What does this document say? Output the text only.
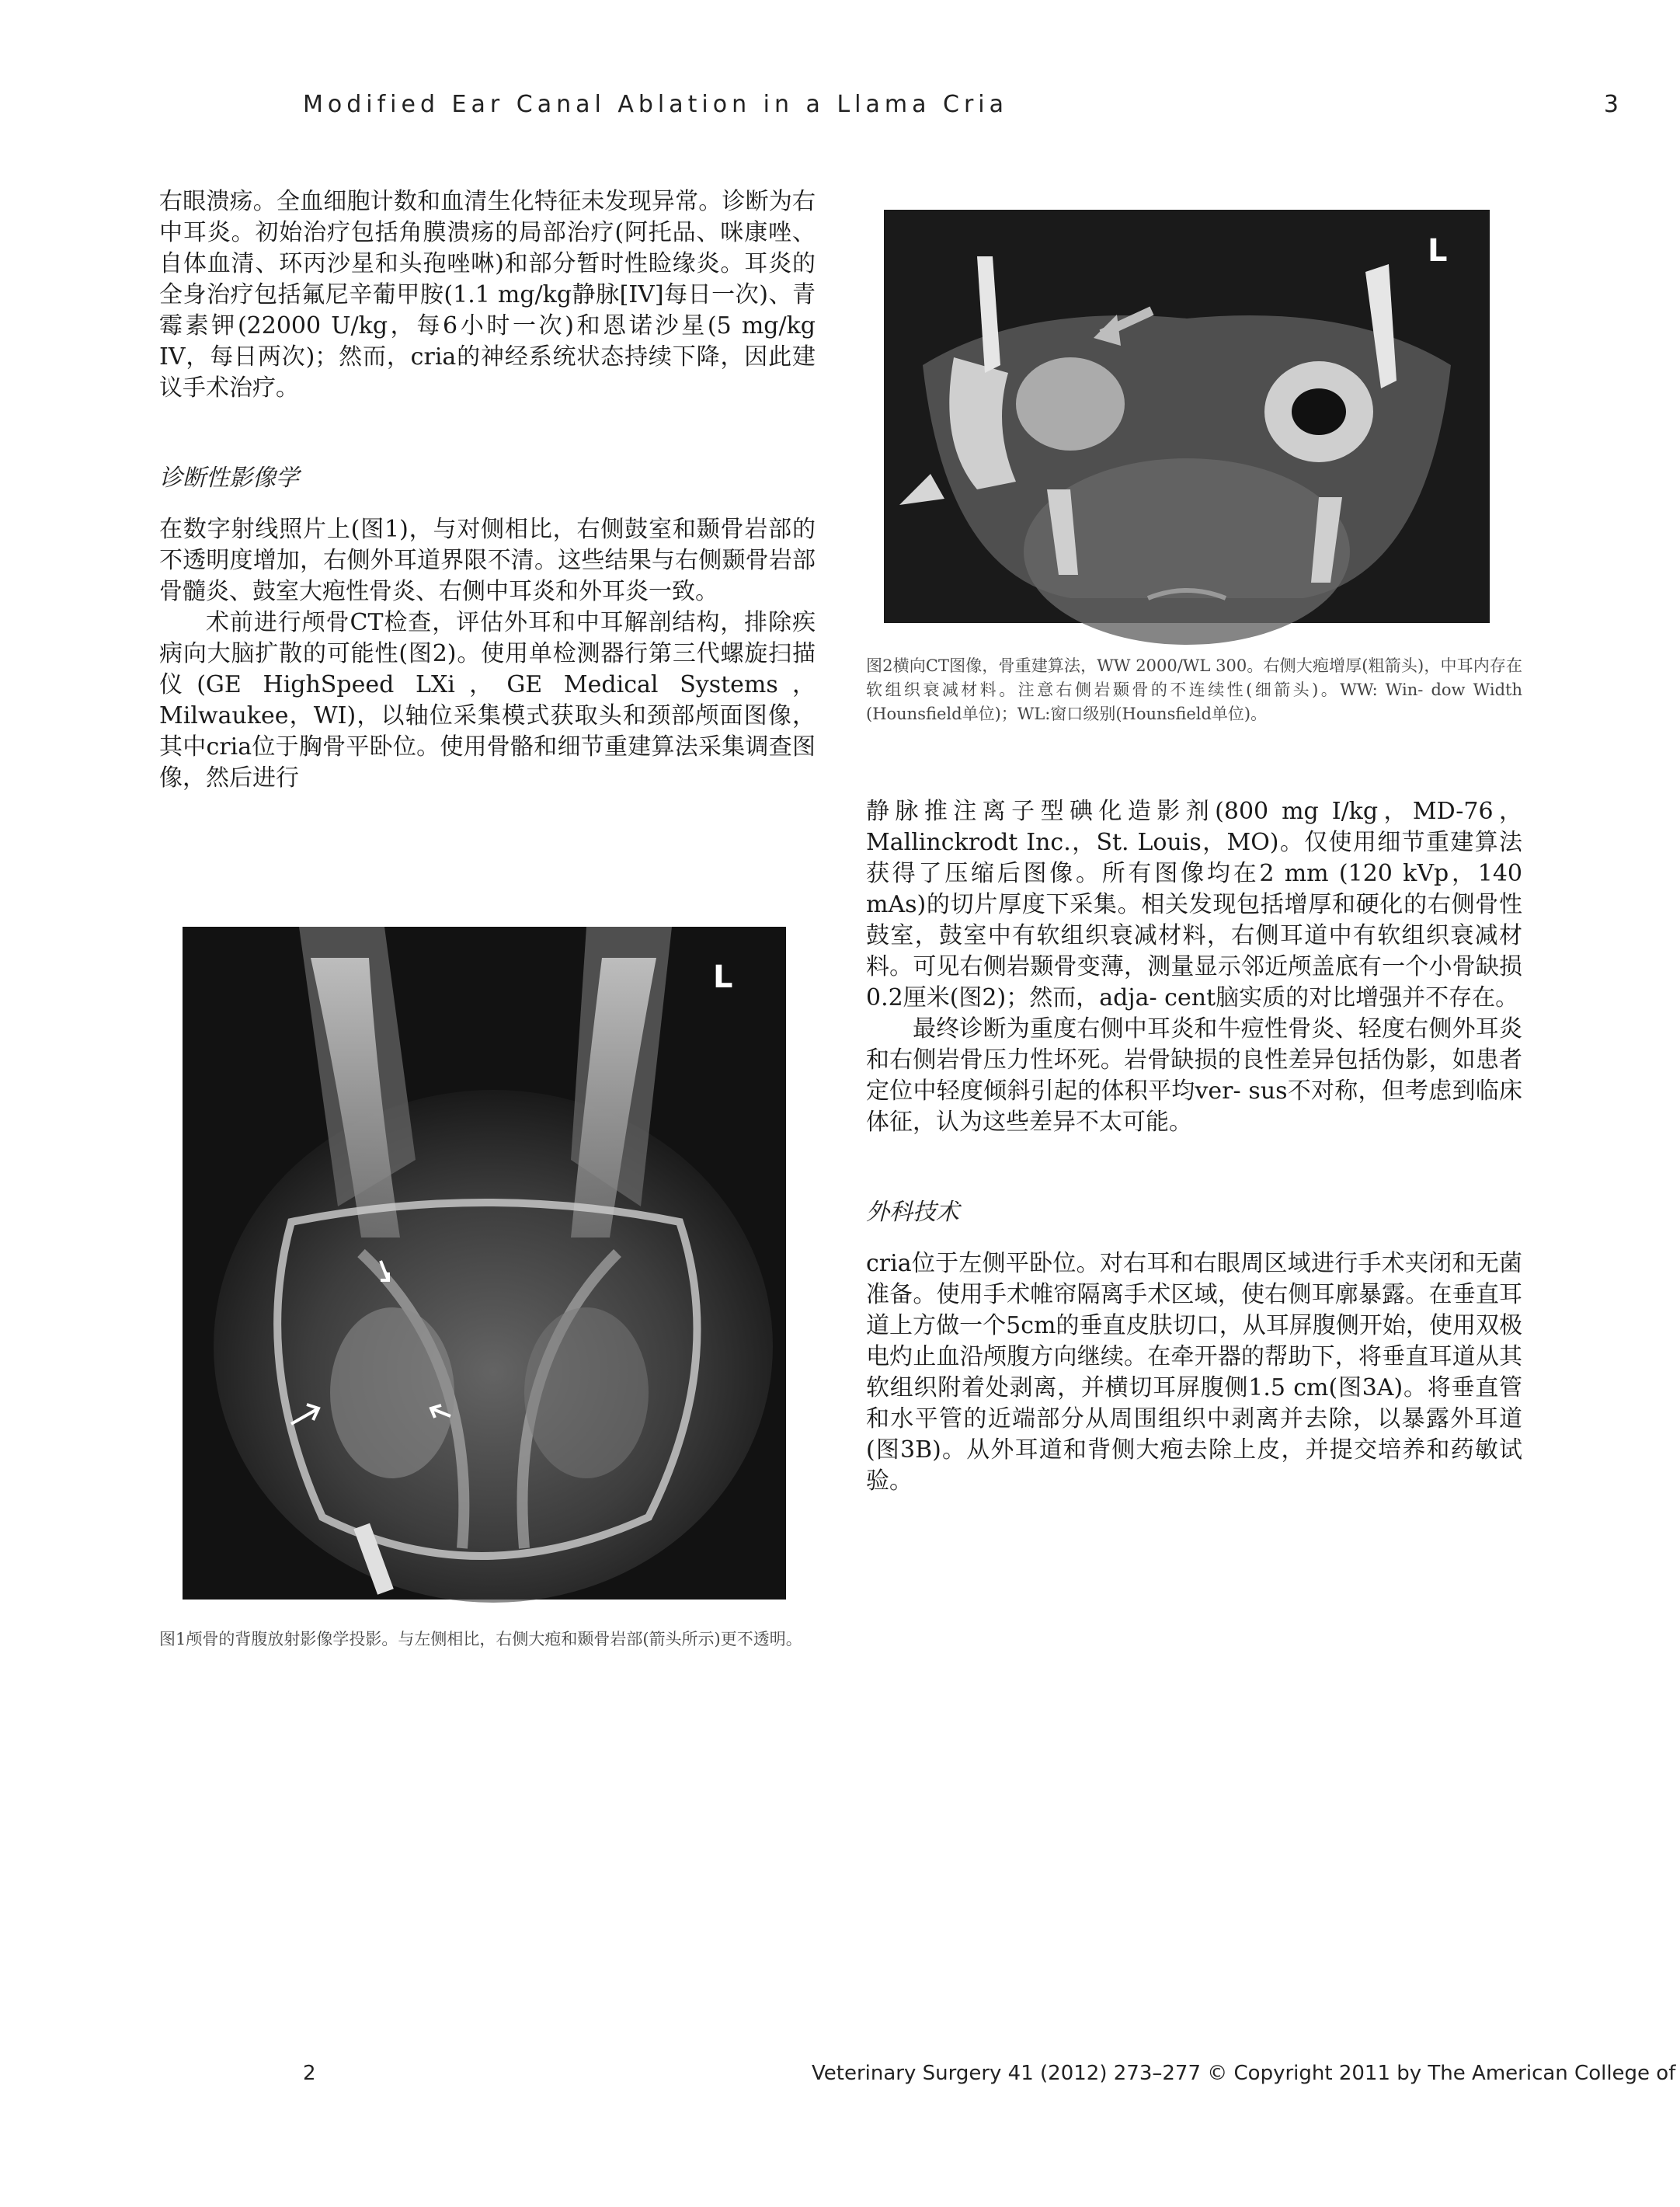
Modified Ear Canal Ablation in a Llama Cria	3

右眼溃疡。全血细胞计数和血清生化特征未发现异常。诊断为右中耳炎。初始治疗包括角膜溃疡的局部治疗(阿托品、咪康唑、自体血清、环丙沙星和头孢唑啉)和部分暂时性睑缘炎。耳炎的全身治疗包括氟尼辛葡甲胺(1.1 mg/kg静脉[IV]每日一次)、青霉素钾(22000 U/kg，每6小时一次)和恩诺沙星(5 mg/kg IV，每日两次)；然而，cria的神经系统状态持续下降，因此建议手术治疗。

诊断性影像学

在数字射线照片上(图1)，与对侧相比，右侧鼓室和颞骨岩部的不透明度增加，右侧外耳道界限不清。这些结果与右侧颞骨岩部骨髓炎、鼓室大疱性骨炎、右侧中耳炎和外耳炎一致。

术前进行颅骨CT检查，评估外耳和中耳解剖结构，排除疾病向大脑扩散的可能性(图2)。使用单检测器行第三代螺旋扫描仪(GE HighSpeed LXi，GE Medical Systems，Milwaukee，WI)，以轴位采集模式获取头和颈部颅面图像，其中cria位于胸骨平卧位。使用骨骼和细节重建算法采集调查图像，然后进行

L

图1颅骨的背腹放射影像学投影。与左侧相比，右侧大疱和颞骨岩部(箭头所示)更不透明。

L

图2横向CT图像，骨重建算法，WW 2000/WL 300。右侧大疱增厚(粗箭头)，中耳内存在软组织衰减材料。注意右侧岩颞骨的不连续性(细箭头)。WW: Win- dow Width (Hounsfield单位)；WL:窗口级别(Hounsfield单位)。

静脉推注离子型碘化造影剂(800 mg I/kg，MD-76，Mallinckrodt Inc.，St. Louis，MO)。仅使用细节重建算法获得了压缩后图像。所有图像均在2 mm (120 kVp，140 mAs)的切片厚度下采集。相关发现包括增厚和硬化的右侧骨性鼓室，鼓室中有软组织衰减材料，右侧耳道中有软组织衰减材料。可见右侧岩颞骨变薄，测量显示邻近颅盖底有一个小骨缺损0.2厘米(图2)；然而，adja- cent脑实质的对比增强并不存在。

最终诊断为重度右侧中耳炎和牛痘性骨炎、轻度右侧外耳炎和右侧岩骨压力性坏死。岩骨缺损的良性差异包括伪影，如患者定位中轻度倾斜引起的体积平均ver- sus不对称，但考虑到临床体征，认为这些差异不太可能。

外科技术

cria位于左侧平卧位。对右耳和右眼周区域进行手术夹闭和无菌准备。使用手术帷帘隔离手术区域，使右侧耳廓暴露。在垂直耳道上方做一个5cm的垂直皮肤切口，从耳屏腹侧开始，使用双极电灼止血沿颅腹方向继续。在牵开器的帮助下，将垂直耳道从其软组织附着处剥离，并横切耳屏腹侧1.5 cm(图3A)。将垂直管和水平管的近端部分从周围组织中剥离并去除，以暴露外耳道(图3B)。从外耳道和背侧大疱去除上皮，并提交培养和药敏试验。

2	Veterinary Surgery 41 (2012) 273–277 © Copyright 2011 by The American College of
